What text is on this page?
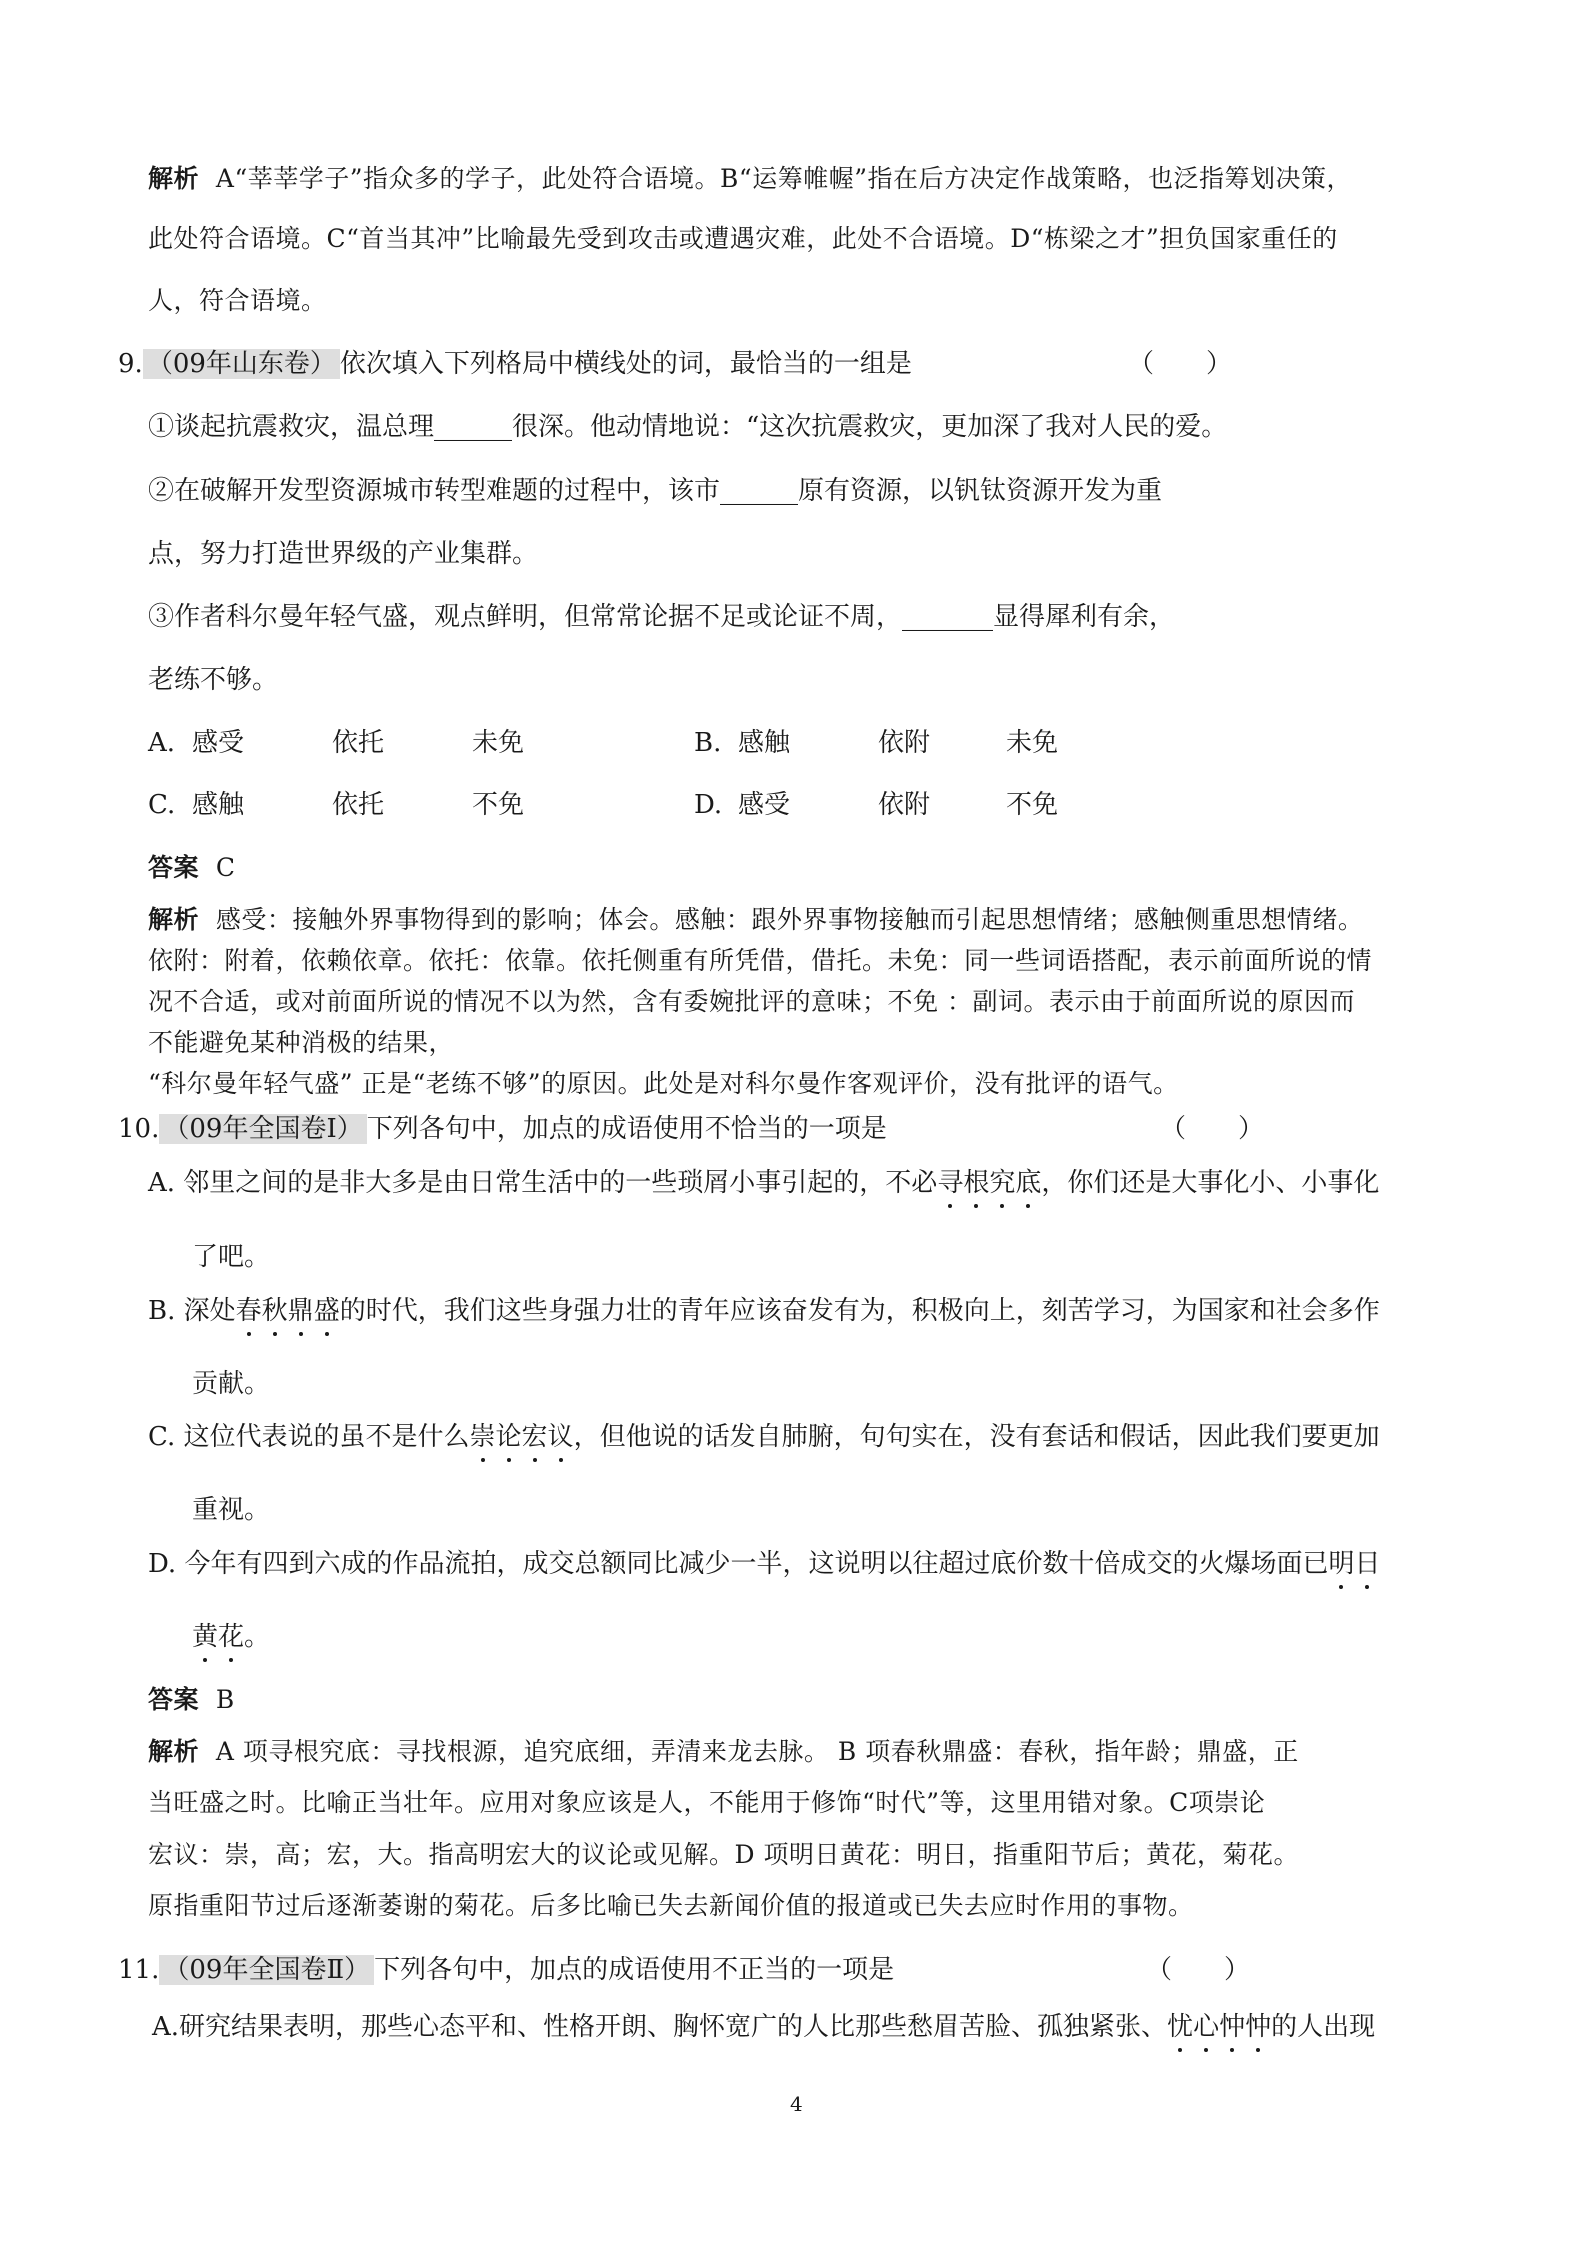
解析 A“莘莘学子”指众多的学子，此处符合语境。B“运筹帷幄”指在后方决定作战策略，也泛指筹划决策，
此处符合语境。C“首当其冲”比喻最先受到攻击或遭遇灾难，此处不合语境。D“栋梁之才”担负国家重任的
人，符合语境。
9. （09年山东卷） 依次填入下列格局中横线处的词，最恰当的一组是	（　　）
①谈起抗震救灾，温总理______很深。他动情地说：“这次抗震救灾，更加深了我对人民的爱。
②在破解开发型资源城市转型难题的过程中，该市______原有资源，以钒钛资源开发为重
点，努力打造世界级的产业集群。
③作者科尔曼年轻气盛，观点鲜明，但常常论据不足或论证不周，_______显得犀利有余，
老练不够。
A. 感受	依托	未免	B. 感触	依附	未免
C. 感触	依托	不免	D. 感受	依附	不免
答案 C
解析 感受：接触外界事物得到的影响；体会。感触：跟外界事物接触而引起思想情绪；感触侧重思想情绪。
依附：附着，依赖依章。依托：依靠。依托侧重有所凭借，借托。未免：同一些词语搭配，表示前面所说的情
况不合适，或对前面所说的情况不以为然，含有委婉批评的意味；不免 ：副词。表示由于前面所说的原因而
不能避免某种消极的结果，
“科尔曼年轻气盛” 正是“老练不够”的原因。此处是对科尔曼作客观评价，没有批评的语气。
10. （09年全国卷Ⅰ） 下列各句中，加点的成语使用不恰当的一项是	（　　）
A. 邻里之间的是非大多是由日常生活中的一些琐屑小事引起的，不必寻根究底，你们还是大事化小、小事化
了吧。
B. 深处春秋鼎盛的时代，我们这些身强力壮的青年应该奋发有为，积极向上，刻苦学习，为国家和社会多作
贡献。
C. 这位代表说的虽不是什么崇论宏议，但他说的话发自肺腑，句句实在，没有套话和假话，因此我们要更加
重视。
D. 今年有四到六成的作品流拍，成交总额同比减少一半，这说明以往超过底价数十倍成交的火爆场面已明日
黄花。
答案 B
解析 A 项寻根究底：寻找根源，追究底细，弄清来龙去脉。 B 项春秋鼎盛：春秋，指年龄；鼎盛，正
当旺盛之时。比喻正当壮年。应用对象应该是人，不能用于修饰“时代”等，这里用错对象。C项崇论
宏议：崇，高；宏，大。指高明宏大的议论或见解。D 项明日黄花：明日，指重阳节后；黄花，菊花。
原指重阳节过后逐渐萎谢的菊花。后多比喻已失去新闻价值的报道或已失去应时作用的事物。
11. （09年全国卷Ⅱ） 下列各句中，加点的成语使用不正当的一项是	（　　）
A.研究结果表明，那些心态平和、性格开朗、胸怀宽广的人比那些愁眉苦脸、孤独紧张、忧心忡忡的人出现
4
